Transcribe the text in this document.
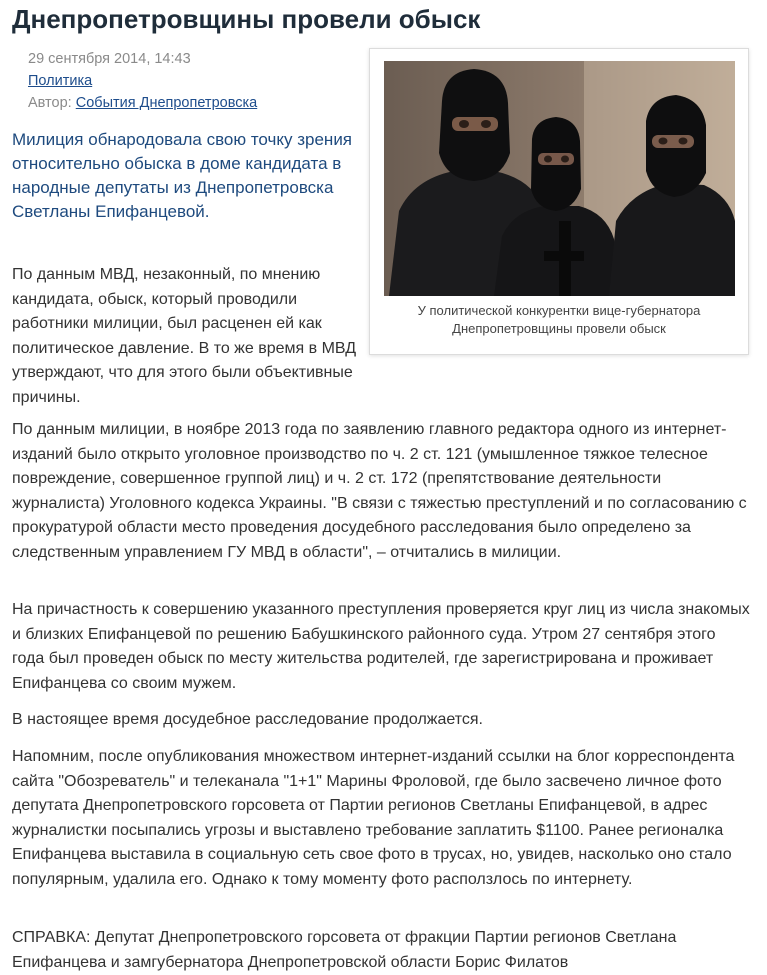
Днепропетровщины провели обыск
29 сентября 2014, 14:43
Политика
Автор: События Днепропетровска

Милиция обнародовала свою точку зрения относительно обыска в доме кандидата в народные депутаты из Днепропетровска Светланы Епифанцевой.

У политической конкурентки вице-губернатора Днепропетровщины провели обыск

По данным МВД, незаконный, по мнению кандидата, обыск, который проводили работники милиции, был расценен ей как политическое давление. В то же время в МВД утверждают, что для этого были объективные причины.

По данным милиции, в ноябре 2013 года по заявлению главного редактора одного из интернет-изданий было открыто уголовное производство по ч. 2 ст. 121 (умышленное тяжкое телесное повреждение, совершенное группой лиц) и ч. 2 ст. 172 (препятствование деятельности журналиста) Уголовного кодекса Украины. "В связи с тяжестью преступлений и по согласованию с прокуратурой области место проведения досудебного расследования было определено за следственным управлением ГУ МВД в области", – отчитались в милиции.

На причастность к совершению указанного преступления проверяется круг лиц из числа знакомых и близких Епифанцевой по решению Бабушкинского районного суда. Утром 27 сентября этого года был проведен обыск по месту жительства родителей, где зарегистрирована и проживает Епифанцева со своим мужем.

В настоящее время досудебное расследование продолжается.

Напомним, после опубликования множеством интернет-изданий ссылки на блог корреспондента сайта "Обозреватель" и телеканала "1+1" Марины Фроловой, где было засвечено личное фото депутата Днепропетровского горсовета от Партии регионов Светланы Епифанцевой, в адрес журналистки посыпались угрозы и выставлено требование заплатить $1100. Ранее регионалка Епифанцева выставила в социальную сеть свое фото в трусах, но, увидев, насколько оно стало популярным, удалила его. Однако к тому моменту фото расползлось по интернету.

СПРАВКА: Депутат Днепропетровского горсовета от фракции Партии регионов Светлана Епифанцева и замгубернатора Днепропетровской области Борис Филатов
